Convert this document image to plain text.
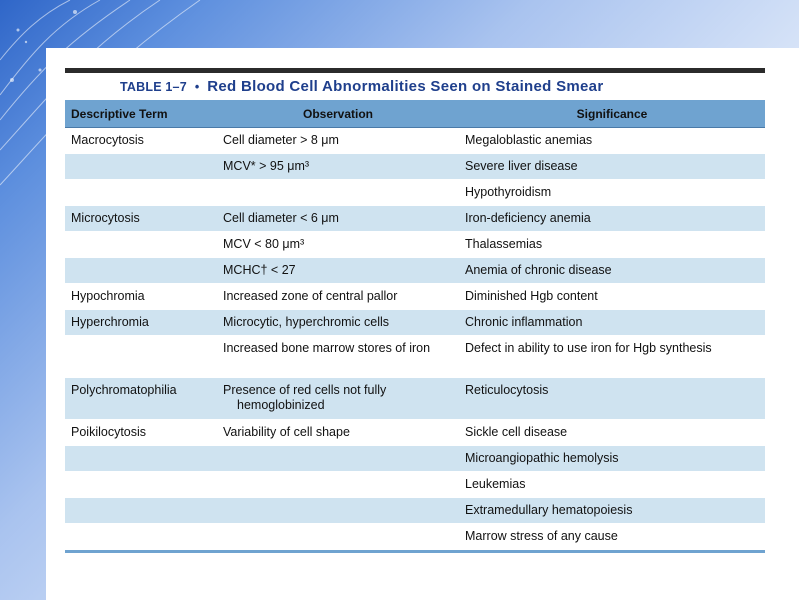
TABLE 1–7 • Red Blood Cell Abnormalities Seen on Stained Smear
Descriptive Term	Observation	Significance
Macrocytosis	Cell diameter > 8 μm	Megaloblastic anemias
	MCV* > 95 μm³	Severe liver disease
		Hypothyroidism
Microcytosis	Cell diameter < 6 μm	Iron-deficiency anemia
	MCV < 80 μm³	Thalassemias
	MCHC† < 27	Anemia of chronic disease
Hypochromia	Increased zone of central pallor	Diminished Hgb content
Hyperchromia	Microcytic, hyperchromic cells	Chronic inflammation
	Increased bone marrow stores of iron	Defect in ability to use iron for Hgb synthesis
Polychromatophilia	Presence of red cells not fully hemoglobinized	Reticulocytosis
Poikilocytosis	Variability of cell shape	Sickle cell disease
		Microangiopathic hemolysis
		Leukemias
		Extramedullary hematopoiesis
		Marrow stress of any cause
